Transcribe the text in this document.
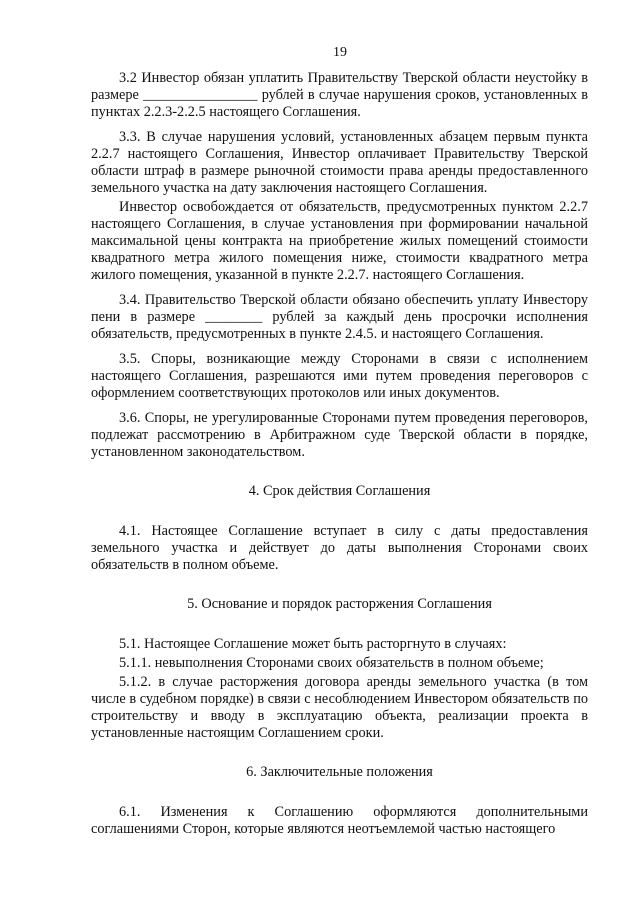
19

3.2 Инвестор обязан уплатить Правительству Тверской области неустойку в размере ________________ рублей в случае нарушения сроков, установленных в пунктах 2.2.3-2.2.5 настоящего Соглашения.

3.3. В случае нарушения условий, установленных абзацем первым пункта 2.2.7 настоящего Соглашения, Инвестор оплачивает Правительству Тверской области штраф в размере рыночной стоимости права аренды предоставленного земельного участка на дату заключения настоящего Соглашения.

Инвестор освобождается от обязательств, предусмотренных пунктом 2.2.7 настоящего Соглашения, в случае установления при формировании начальной максимальной цены контракта на приобретение жилых помещений стоимости квадратного метра жилого помещения ниже, стоимости квадратного метра жилого помещения, указанной в пункте 2.2.7. настоящего Соглашения.

3.4. Правительство Тверской области обязано обеспечить уплату Инвестору пени в размере ________ рублей за каждый день просрочки исполнения обязательств, предусмотренных в пункте 2.4.5. и настоящего Соглашения.

3.5. Споры, возникающие между Сторонами в связи с исполнением настоящего Соглашения, разрешаются ими путем проведения переговоров с оформлением соответствующих протоколов или иных документов.

3.6. Споры, не урегулированные Сторонами путем проведения переговоров, подлежат рассмотрению в Арбитражном суде Тверской области в порядке, установленном законодательством.

4. Срок действия Соглашения

4.1. Настоящее Соглашение вступает в силу с даты предоставления земельного участка и действует до даты выполнения Сторонами своих обязательств в полном объеме.

5. Основание и порядок расторжения Соглашения

5.1. Настоящее Соглашение может быть расторгнуто в случаях:

5.1.1. невыполнения Сторонами своих обязательств в полном объеме;

5.1.2. в случае расторжения договора аренды земельного участка (в том числе в судебном порядке) в связи с несоблюдением Инвестором обязательств по строительству и вводу в эксплуатацию объекта, реализации проекта в установленные настоящим Соглашением сроки.

6. Заключительные положения

6.1. Изменения к Соглашению оформляются дополнительными соглашениями Сторон, которые являются неотъемлемой частью настоящего
